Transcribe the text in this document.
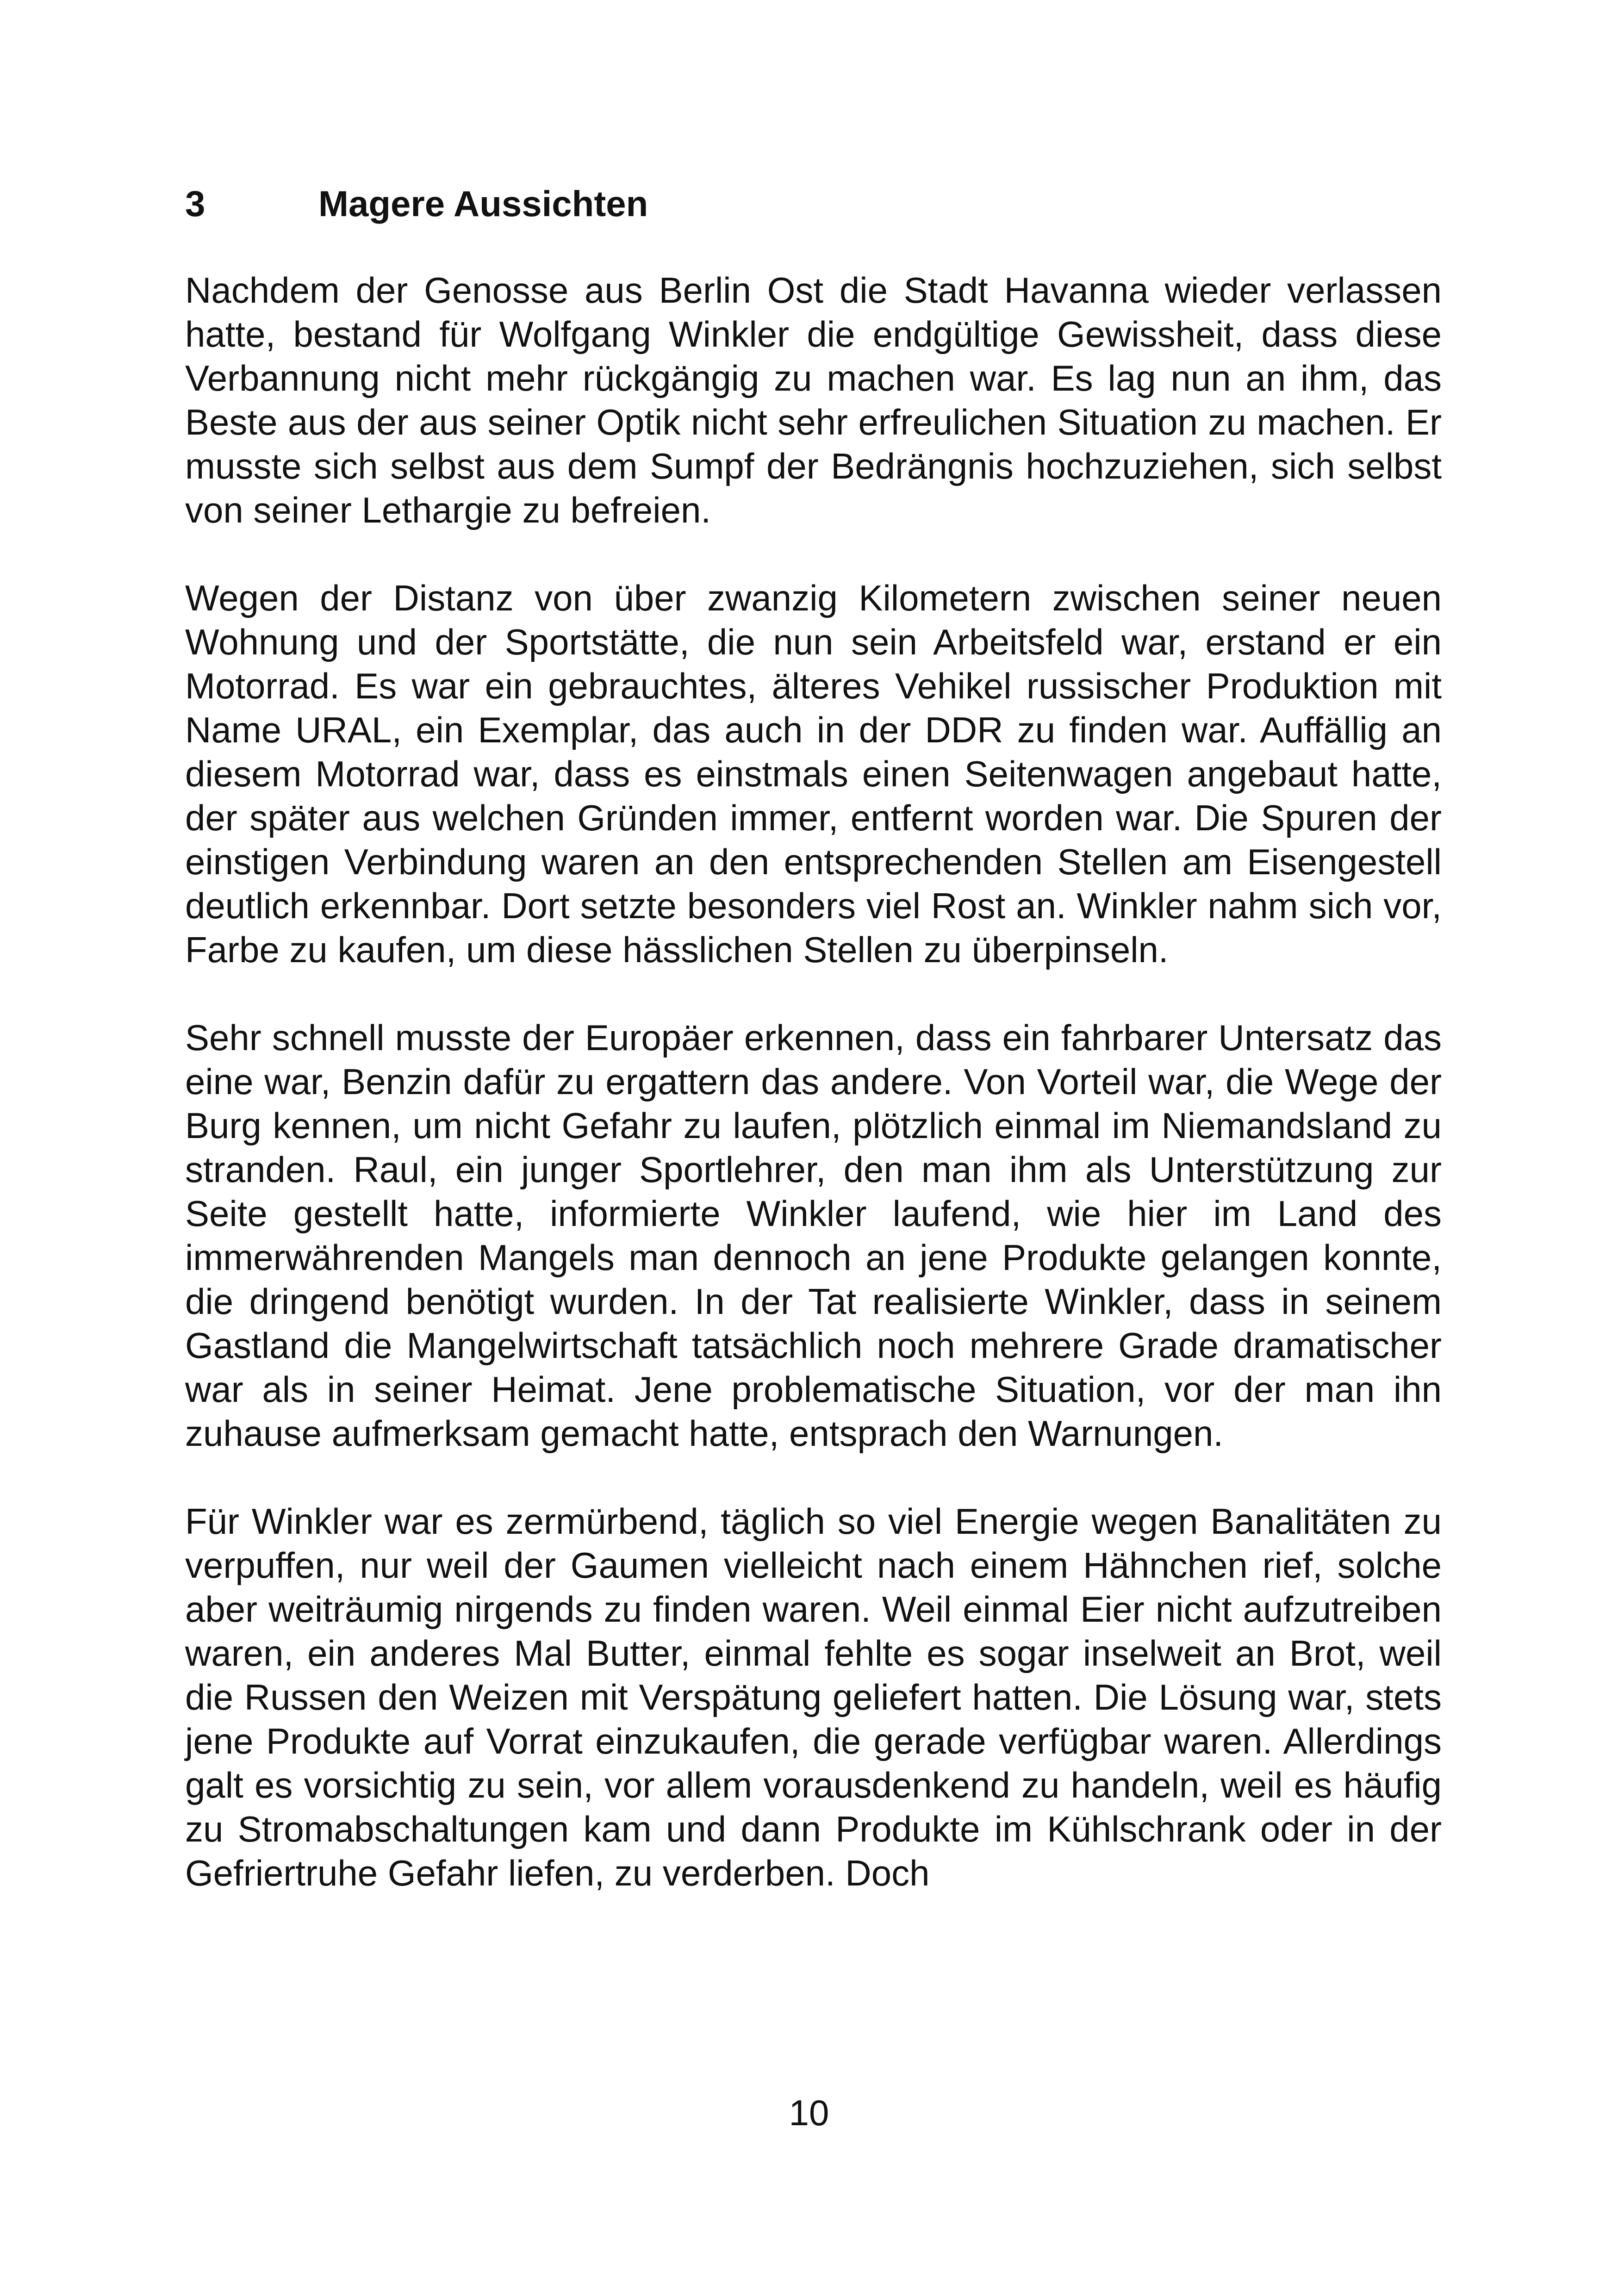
3	Magere Aussichten

Nachdem der Genosse aus Berlin Ost die Stadt Havanna wieder verlassen hatte, bestand für Wolfgang Winkler die endgültige Gewissheit, dass diese Verbannung nicht mehr rückgängig zu machen war. Es lag nun an ihm, das Beste aus der aus seiner Optik nicht sehr erfreulichen Situation zu machen. Er musste sich selbst aus dem Sumpf der Bedrängnis hochzuziehen, sich selbst von seiner Lethargie zu befreien.

Wegen der Distanz von über zwanzig Kilometern zwischen seiner neuen Wohnung und der Sportstätte, die nun sein Arbeitsfeld war, erstand er ein Motorrad. Es war ein gebrauchtes, älteres Vehikel russischer Produktion mit Name URAL, ein Exemplar, das auch in der DDR zu finden war. Auffällig an diesem Motorrad war, dass es einstmals einen Seitenwagen angebaut hatte, der später aus welchen Gründen immer, entfernt worden war. Die Spuren der einstigen Verbindung waren an den entsprechenden Stellen am Eisengestell deutlich erkennbar. Dort setzte besonders viel Rost an. Winkler nahm sich vor, Farbe zu kaufen, um diese hässlichen Stellen zu überpinseln.

Sehr schnell musste der Europäer erkennen, dass ein fahrbarer Untersatz das eine war, Benzin dafür zu ergattern das andere. Von Vorteil war, die Wege der Burg kennen, um nicht Gefahr zu laufen, plötzlich einmal im Niemandsland zu stranden. Raul, ein junger Sportlehrer, den man ihm als Unterstützung zur Seite gestellt hatte, informierte Winkler laufend, wie hier im Land des immerwährenden Mangels man dennoch an jene Produkte gelangen konnte, die dringend benötigt wurden. In der Tat realisierte Winkler, dass in seinem Gastland die Mangelwirtschaft tatsächlich noch mehrere Grade dramatischer war als in seiner Heimat. Jene problematische Situation, vor der man ihn zuhause aufmerksam gemacht hatte, entsprach den Warnungen.

Für Winkler war es zermürbend, täglich so viel Energie wegen Banalitäten zu verpuffen, nur weil der Gaumen vielleicht nach einem Hähnchen rief, solche aber weiträumig nirgends zu finden waren. Weil einmal Eier nicht aufzutreiben waren, ein anderes Mal Butter, einmal fehlte es sogar inselweit an Brot, weil die Russen den Weizen mit Verspätung geliefert hatten. Die Lösung war, stets jene Produkte auf Vorrat einzukaufen, die gerade verfügbar waren. Allerdings galt es vorsichtig zu sein, vor allem vorausdenkend zu handeln, weil es häufig zu Stromabschaltungen kam und dann Produkte im Kühlschrank oder in der Gefriertruhe Gefahr liefen, zu verderben. Doch

10
